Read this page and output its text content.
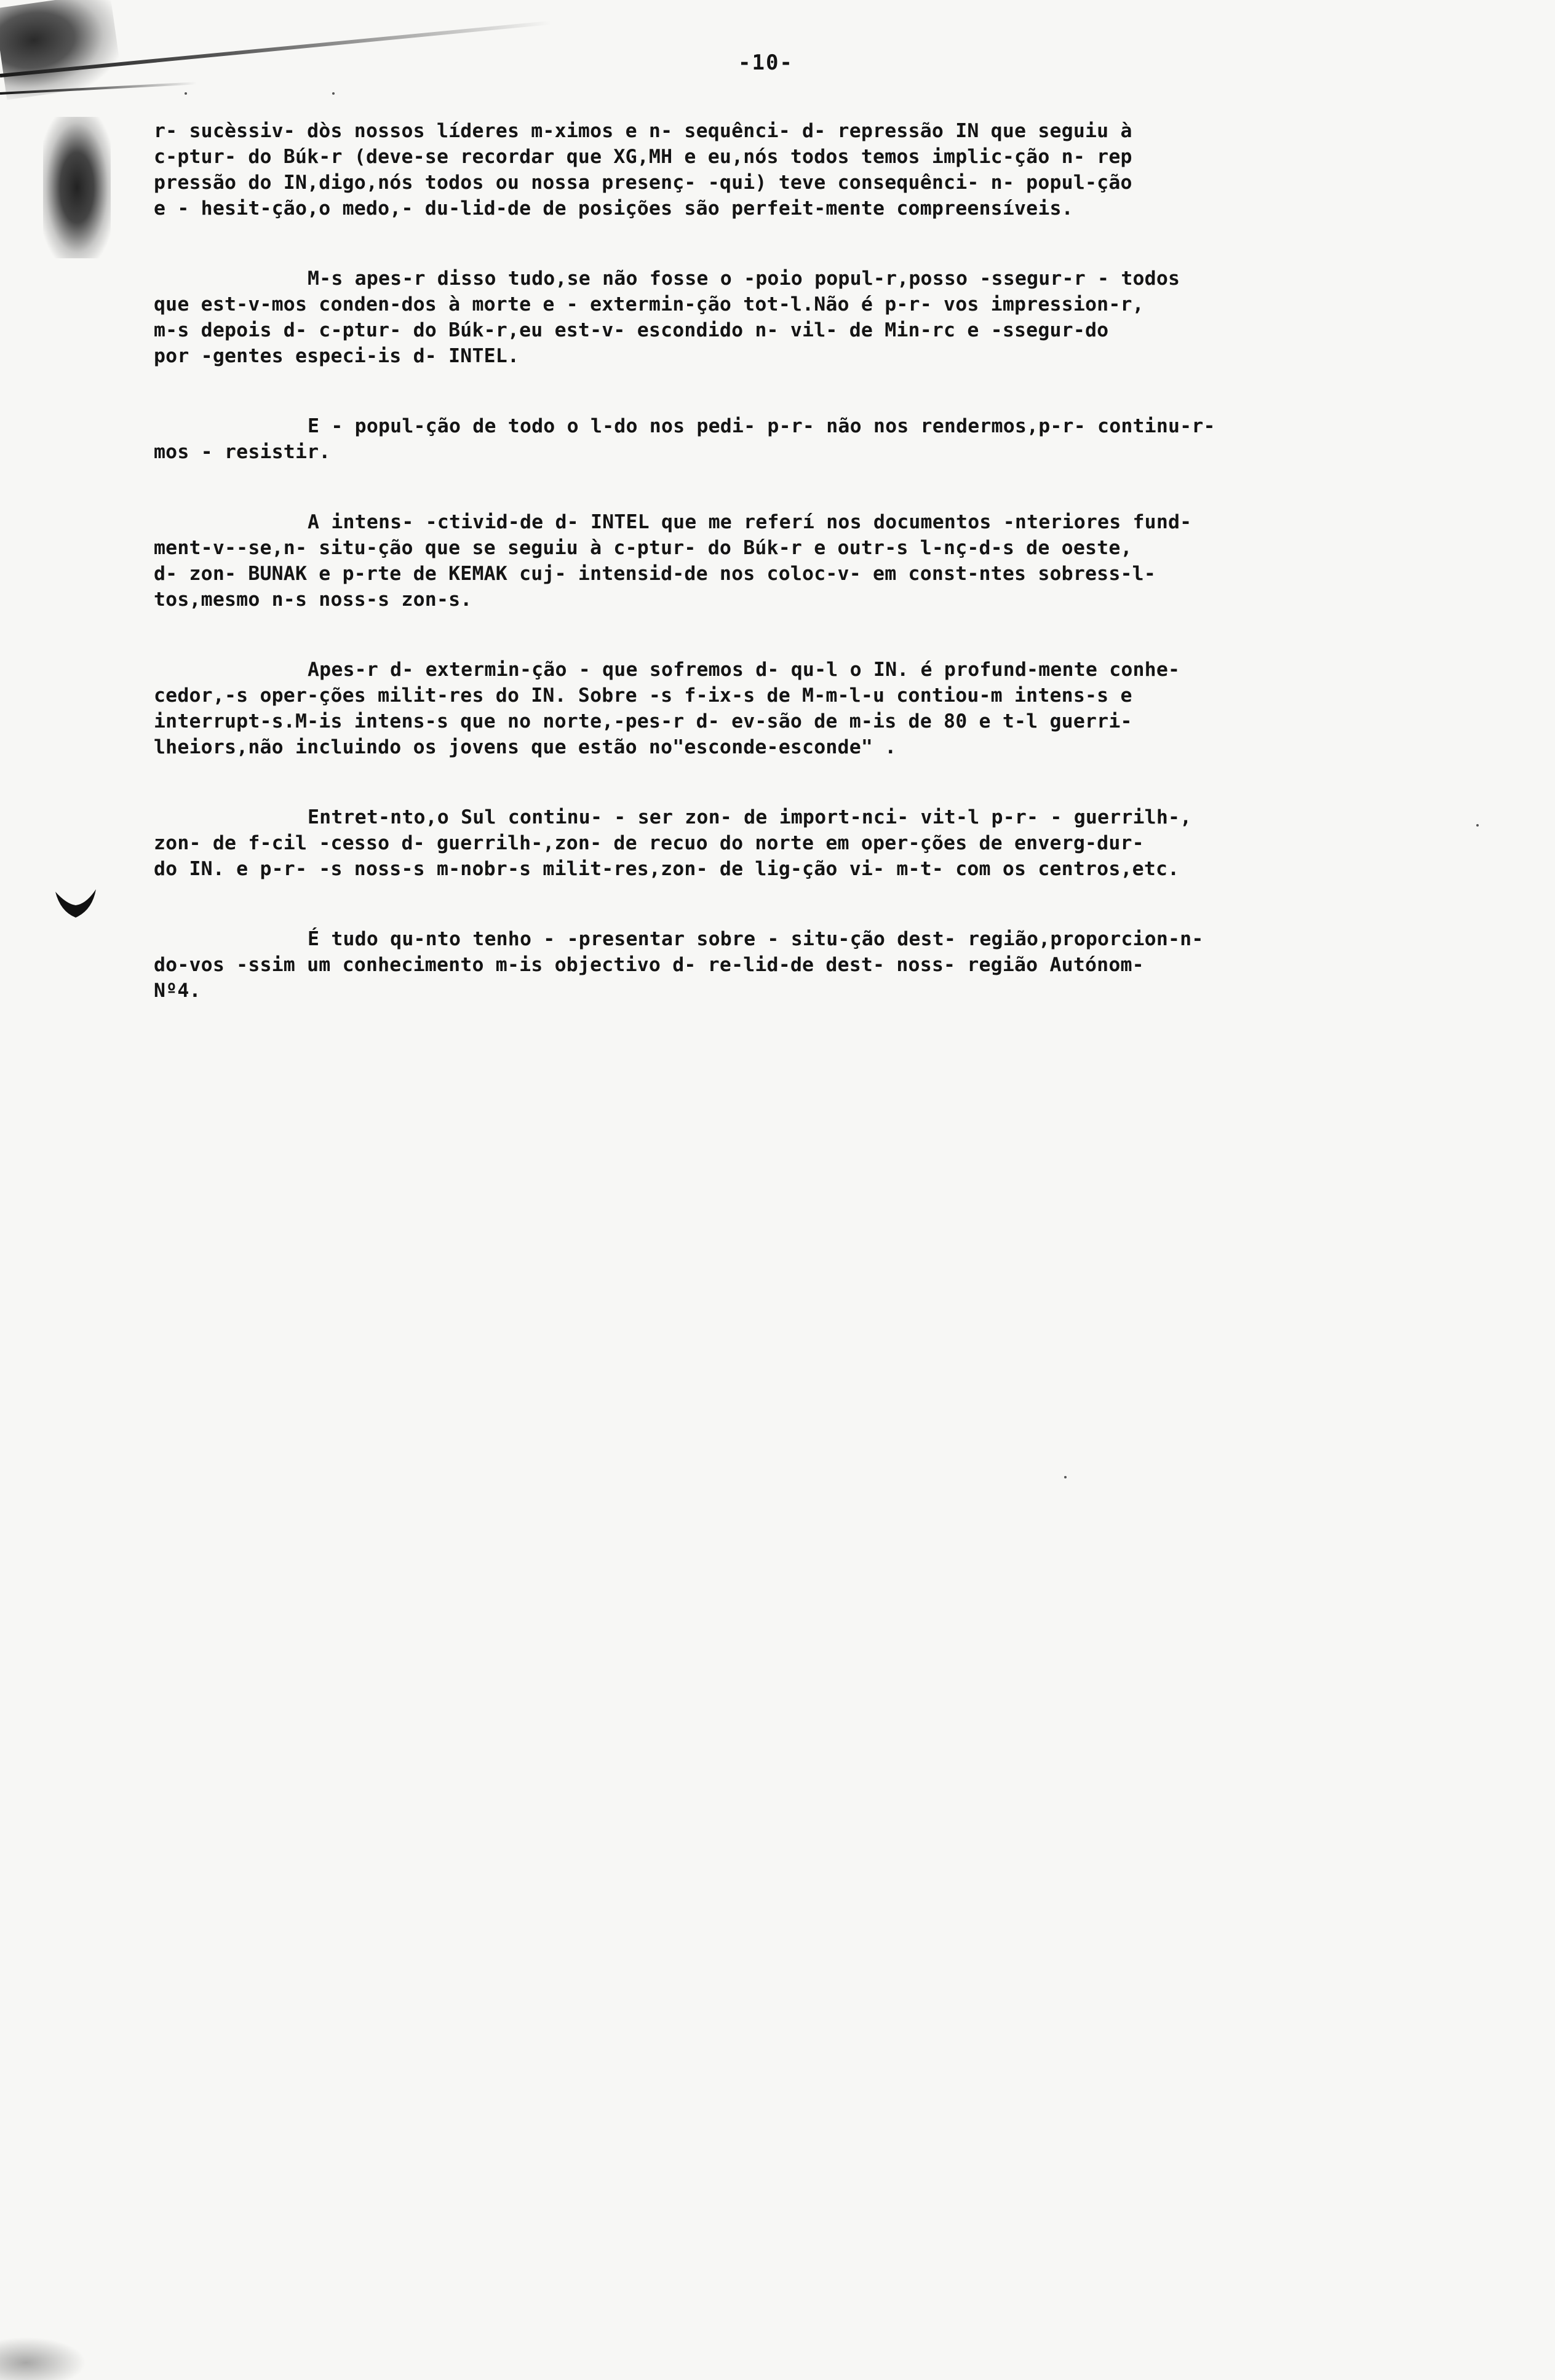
-10-
r- sucèssiv- dòs nossos líderes m-ximos e n- sequênci- d- repressão IN que seguiu à
c-ptur- do Búk-r (deve-se recordar que XG,MH e eu,nós todos temos implic-ção n- rep
pressão do IN,digo,nós todos ou nossa presenç- -qui) teve consequênci- n- popul-ção
e - hesit-ção,o medo,- du-lid-de de posições são perfeit-mente compreensíveis.
M-s apes-r disso tudo,se não fosse o -poio popul-r,posso -ssegur-r - todos
que est-v-mos conden-dos à morte e - extermin-ção tot-l.Não é p-r- vos impression-r,
m-s depois d- c-ptur- do Búk-r,eu est-v- escondido n- vil- de Min-rc e -ssegur-do
por -gentes especi-is d- INTEL.
E - popul-ção de todo o l-do nos pedi- p-r- não nos rendermos,p-r- continu-r-
mos - resistir.
A intens- -ctivid-de d- INTEL que me referí nos documentos -nteriores fund-
ment-v--se,n- situ-ção que se seguiu à c-ptur- do Búk-r e outr-s l-nç-d-s de oeste,
d- zon- BUNAK e p-rte de KEMAK cuj- intensid-de nos coloc-v- em const-ntes sobress-l-
tos,mesmo n-s noss-s zon-s.
Apes-r d- extermin-ção - que sofremos d- qu-l o IN. é profund-mente conhe-
cedor,-s oper-ções milit-res do IN. Sobre -s f-ix-s de M-m-l-u contiou-m intens-s e
interrupt-s.M-is intens-s que no norte,-pes-r d- ev-são de m-is de 80 e t-l guerri-
lheiors,não incluindo os jovens que estão no"esconde-esconde" .
Entret-nto,o Sul continu- - ser zon- de import-nci- vit-l p-r- - guerrilh-,
zon- de f-cil -cesso d- guerrilh-,zon- de recuo do norte em oper-ções de enverg-dur-
do IN. e p-r- -s noss-s m-nobr-s milit-res,zon- de lig-ção vi- m-t- com os centros,etc.
É tudo qu-nto tenho - -presentar sobre - situ-ção dest- região,proporcion-n-
do-vos -ssim um conhecimento m-is objectivo d- re-lid-de dest- noss- região Autónom-
Nº4.
